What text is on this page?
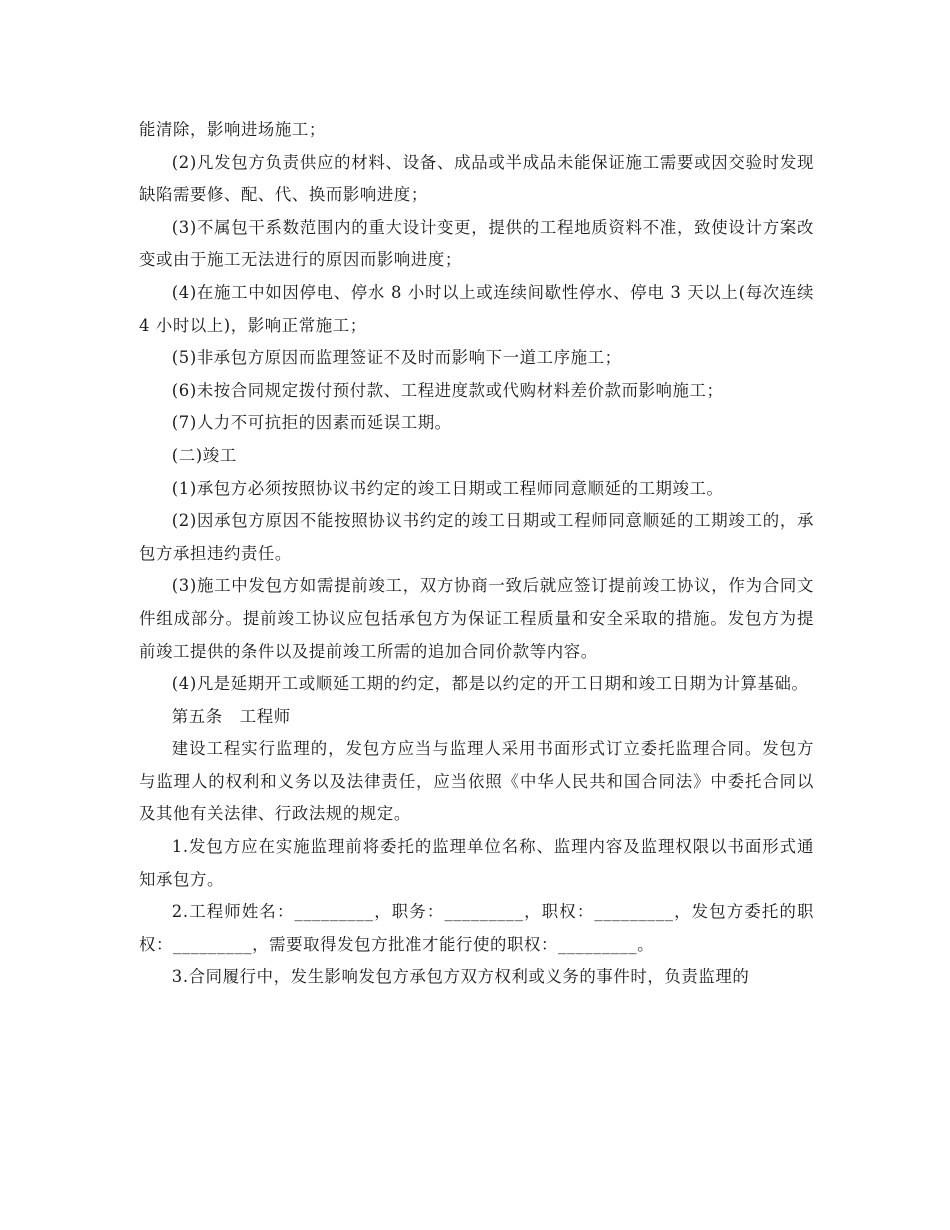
能清除，影响进场施工；

(2)凡发包方负责供应的材料、设备、成品或半成品未能保证施工需要或因交验时发现缺陷需要修、配、代、换而影响进度；

(3)不属包干系数范围内的重大设计变更，提供的工程地质资料不准，致使设计方案改变或由于施工无法进行的原因而影响进度；

(4)在施工中如因停电、停水 8 小时以上或连续间歇性停水、停电 3 天以上(每次连续 4 小时以上)，影响正常施工；

(5)非承包方原因而监理签证不及时而影响下一道工序施工；

(6)未按合同规定拨付预付款、工程进度款或代购材料差价款而影响施工；

(7)人力不可抗拒的因素而延误工期。

(二)竣工

(1)承包方必须按照协议书约定的竣工日期或工程师同意顺延的工期竣工。

(2)因承包方原因不能按照协议书约定的竣工日期或工程师同意顺延的工期竣工的，承包方承担违约责任。

(3)施工中发包方如需提前竣工，双方协商一致后就应签订提前竣工协议，作为合同文件组成部分。提前竣工协议应包括承包方为保证工程质量和安全采取的措施。发包方为提前竣工提供的条件以及提前竣工所需的追加合同价款等内容。

(4)凡是延期开工或顺延工期的约定，都是以约定的开工日期和竣工日期为计算基础。

第五条　工程师

建设工程实行监理的，发包方应当与监理人采用书面形式订立委托监理合同。发包方与监理人的权利和义务以及法律责任，应当依照《中华人民共和国合同法》中委托合同以及其他有关法律、行政法规的规定。

1.发包方应在实施监理前将委托的监理单位名称、监理内容及监理权限以书面形式通知承包方。

2.工程师姓名：_________，职务：_________，职权：_________，发包方委托的职权：_________，需要取得发包方批准才能行使的职权：_________。

3.合同履行中，发生影响发包方承包方双方权利或义务的事件时，负责监理的
